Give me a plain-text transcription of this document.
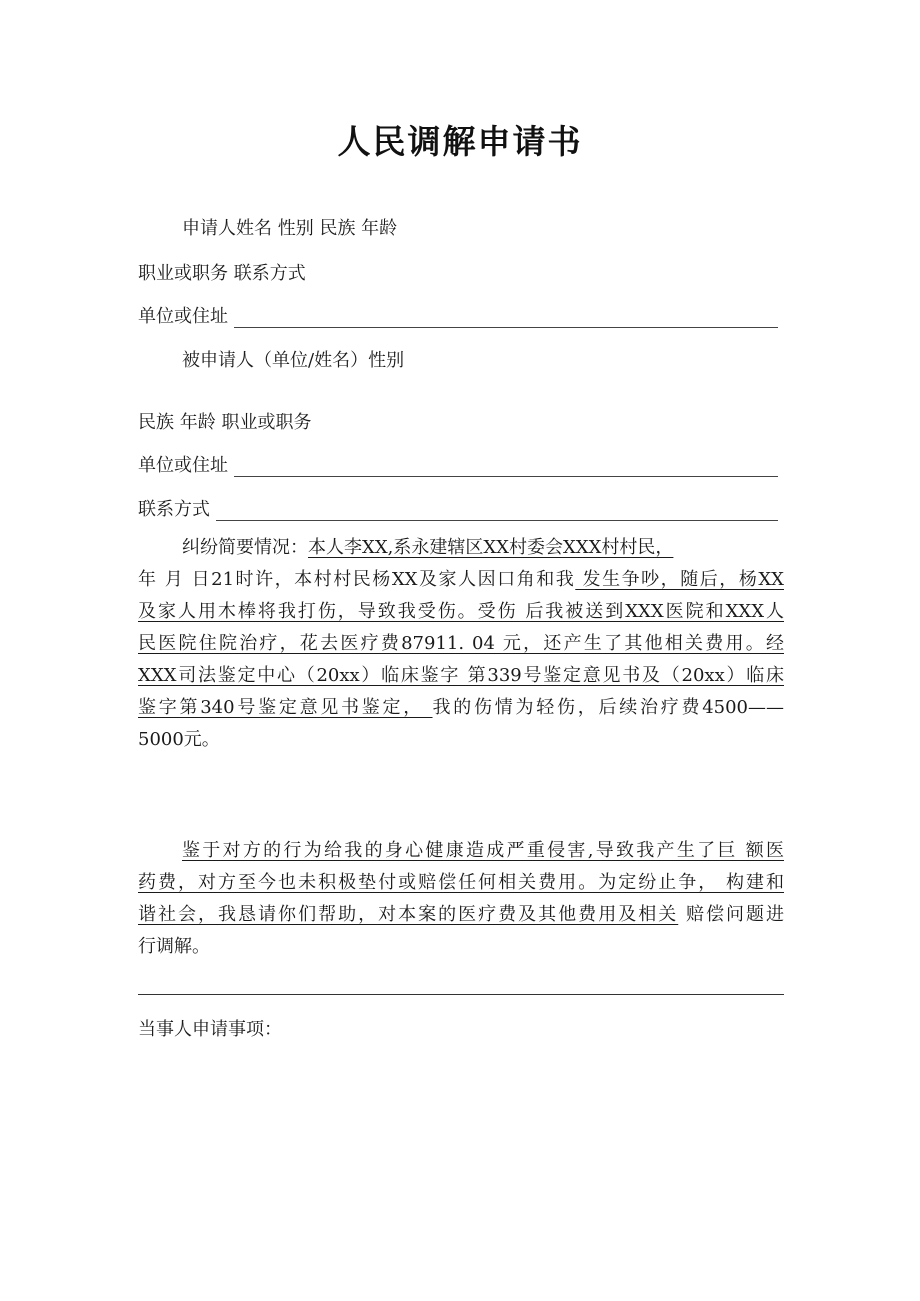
人民调解申请书
申请人姓名 性别 民族 年龄
职业或职务 联系方式
单位或住址
被申请人（单位/姓名）性别
民族 年龄 职业或职务
单位或住址
联系方式
纠纷简要情况：本人李XX,系永建辖区XX村委会XXX村村民，
年 月 日21时许，本村村民杨XX及家人因口角和我 发生争吵，随后，杨XX
及家人用木棒将我打伤，导致我受伤。受伤 后我被送到XXX医院和XXX人
民医院住院治疗，花去医疗费87911. 04 元，还产生了其他相关费用。经
XXX司法鉴定中心（20xx）临床鉴字 第339号鉴定意见书及（20xx）临床
鉴字第340号鉴定意见书鉴定， 我的伤情为轻伤，后续治疗费4500——
5000元。
鉴于对方的行为给我的身心健康造成严重侵害,导致我产生了巨 额医
药费，对方至今也未积极垫付或赔偿任何相关费用。为定纷止争， 构建和
谐社会，我恳请你们帮助，对本案的医疗费及其他费用及相关 赔偿问题进
行调解。
当事人申请事项：
